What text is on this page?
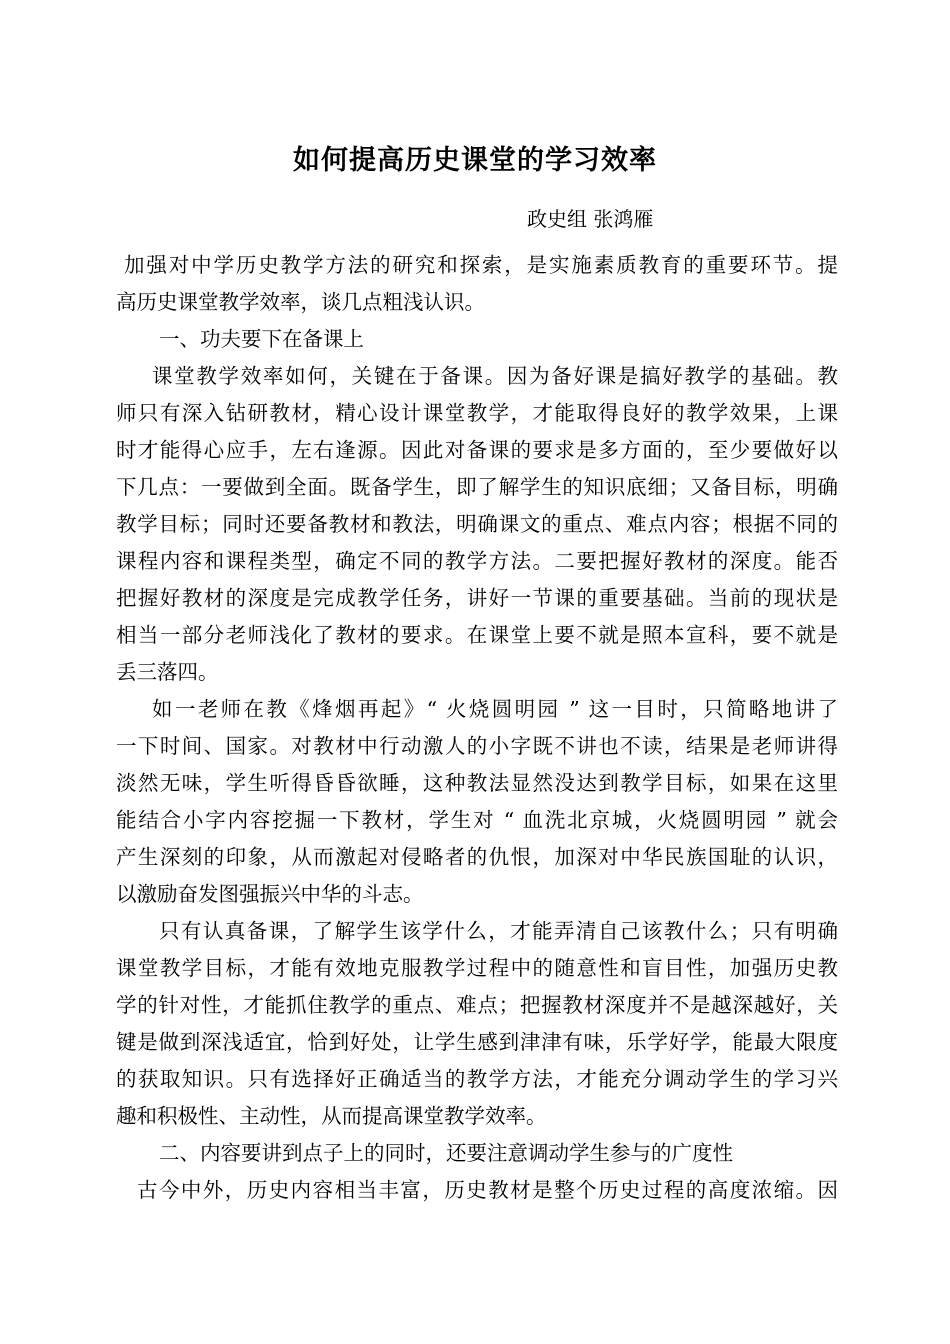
如何提高历史课堂的学习效率
政史组 张鸿雁
加强对中学历史教学方法的研究和探索，是实施素质教育的重要环节。提
高历史课堂教学效率，谈几点粗浅认识。
一、功夫要下在备课上
课堂教学效率如何，关键在于备课。因为备好课是搞好教学的基础。教
师只有深入钻研教材，精心设计课堂教学，才能取得良好的教学效果，上课
时才能得心应手，左右逢源。因此对备课的要求是多方面的，至少要做好以
下几点：一要做到全面。既备学生，即了解学生的知识底细；又备目标，明确
教学目标；同时还要备教材和教法，明确课文的重点、难点内容；根据不同的
课程内容和课程类型，确定不同的教学方法。二要把握好教材的深度。能否
把握好教材的深度是完成教学任务，讲好一节课的重要基础。当前的现状是
相当一部分老师浅化了教材的要求。在课堂上要不就是照本宣科，要不就是
丢三落四。
如一老师在教《烽烟再起》“ 火烧圆明园 ” 这一目时，只简略地讲了
一下时间、国家。对教材中行动激人的小字既不讲也不读，结果是老师讲得
淡然无味，学生听得昏昏欲睡，这种教法显然没达到教学目标，如果在这里
能结合小字内容挖掘一下教材，学生对 “ 血洗北京城，火烧圆明园 ” 就会
产生深刻的印象，从而激起对侵略者的仇恨，加深对中华民族国耻的认识，
以激励奋发图强振兴中华的斗志。
只有认真备课，了解学生该学什么，才能弄清自己该教什么；只有明确
课堂教学目标，才能有效地克服教学过程中的随意性和盲目性，加强历史教
学的针对性，才能抓住教学的重点、难点；把握教材深度并不是越深越好，关
键是做到深浅适宜，恰到好处，让学生感到津津有味，乐学好学，能最大限度
的获取知识。只有选择好正确适当的教学方法，才能充分调动学生的学习兴
趣和积极性、主动性，从而提高课堂教学效率。
二、内容要讲到点子上的同时，还要注意调动学生参与的广度性
古今中外，历史内容相当丰富，历史教材是整个历史过程的高度浓缩。因
